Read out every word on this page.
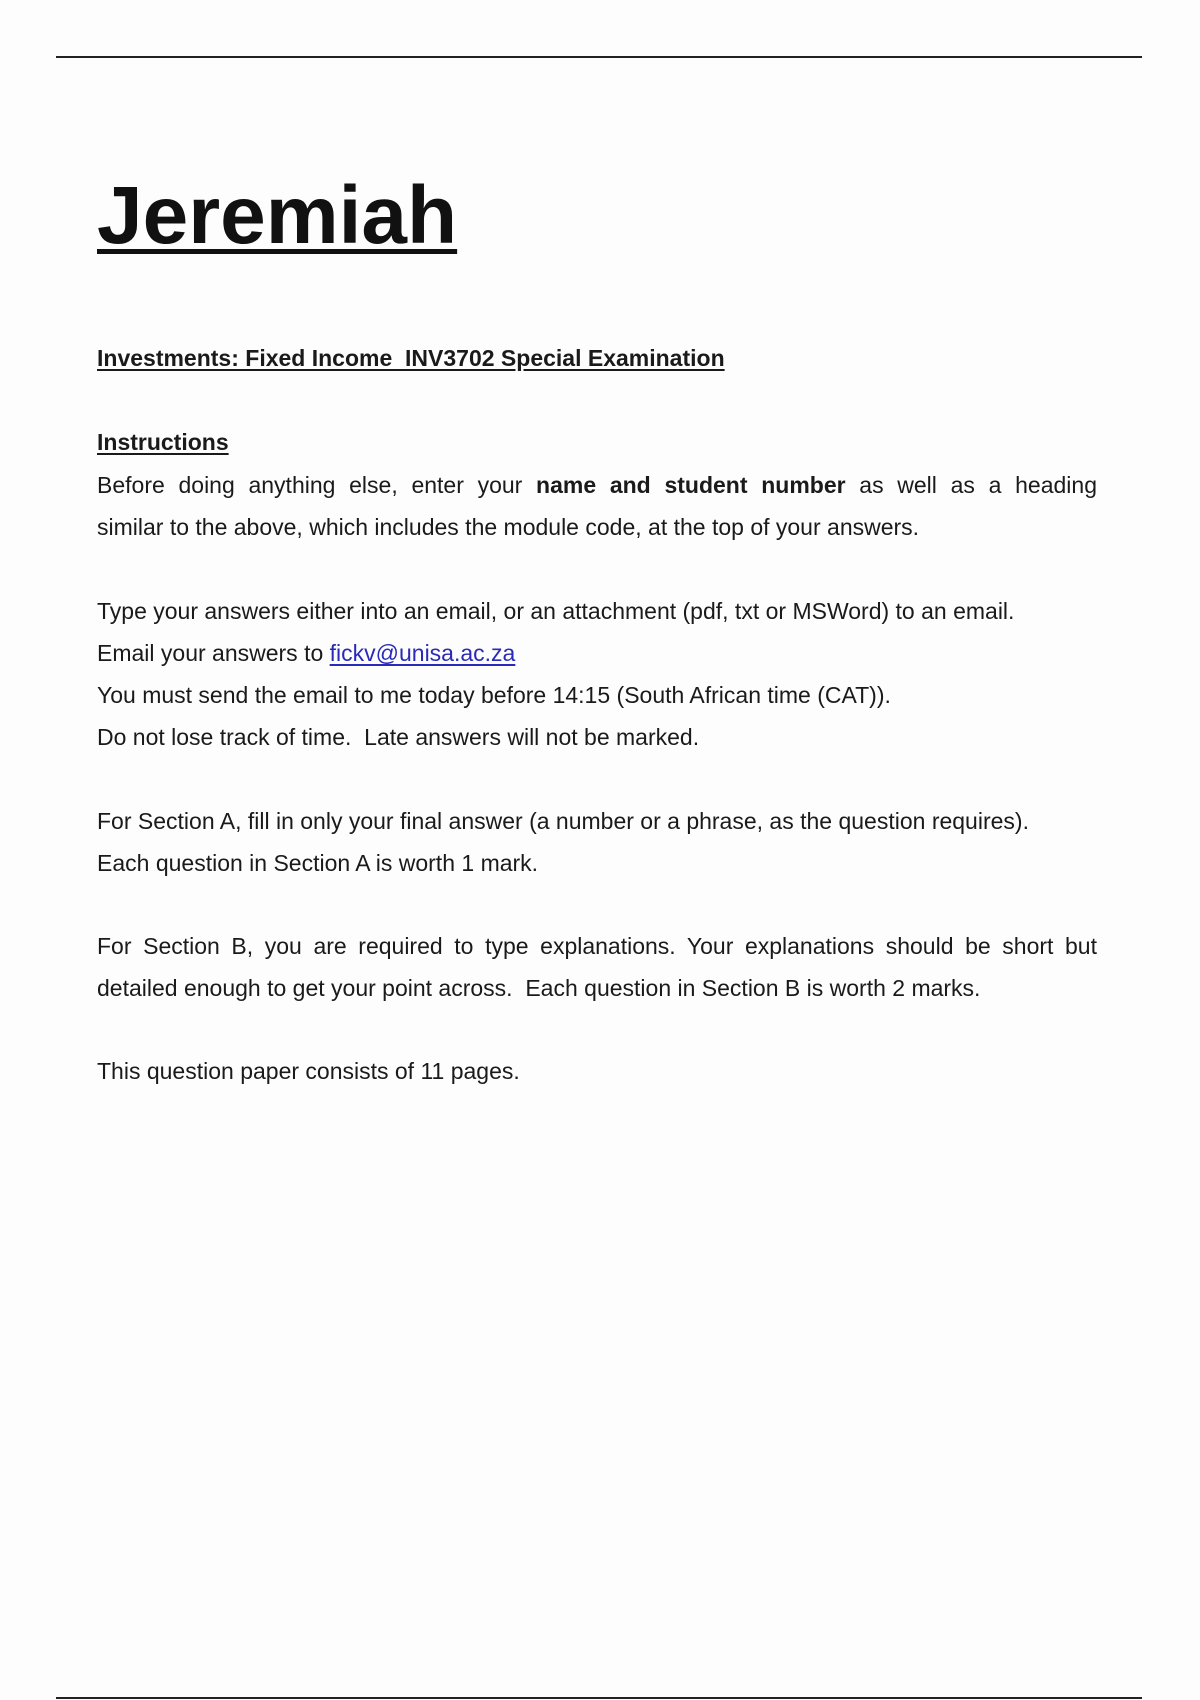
Jeremiah
Investments: Fixed Income  INV3702 Special Examination
Instructions
Before doing anything else, enter your name and student number as well as a heading
similar to the above, which includes the module code, at the top of your answers.
Type your answers either into an email, or an attachment (pdf, txt or MSWord) to an email.
Email your answers to fickv@unisa.ac.za
You must send the email to me today before 14:15 (South African time (CAT)).
Do not lose track of time.  Late answers will not be marked.
For Section A, fill in only your final answer (a number or a phrase, as the question requires).
Each question in Section A is worth 1 mark.
For Section B, you are required to type explanations. Your explanations should be short but
detailed enough to get your point across.  Each question in Section B is worth 2 marks.
This question paper consists of 11 pages.
